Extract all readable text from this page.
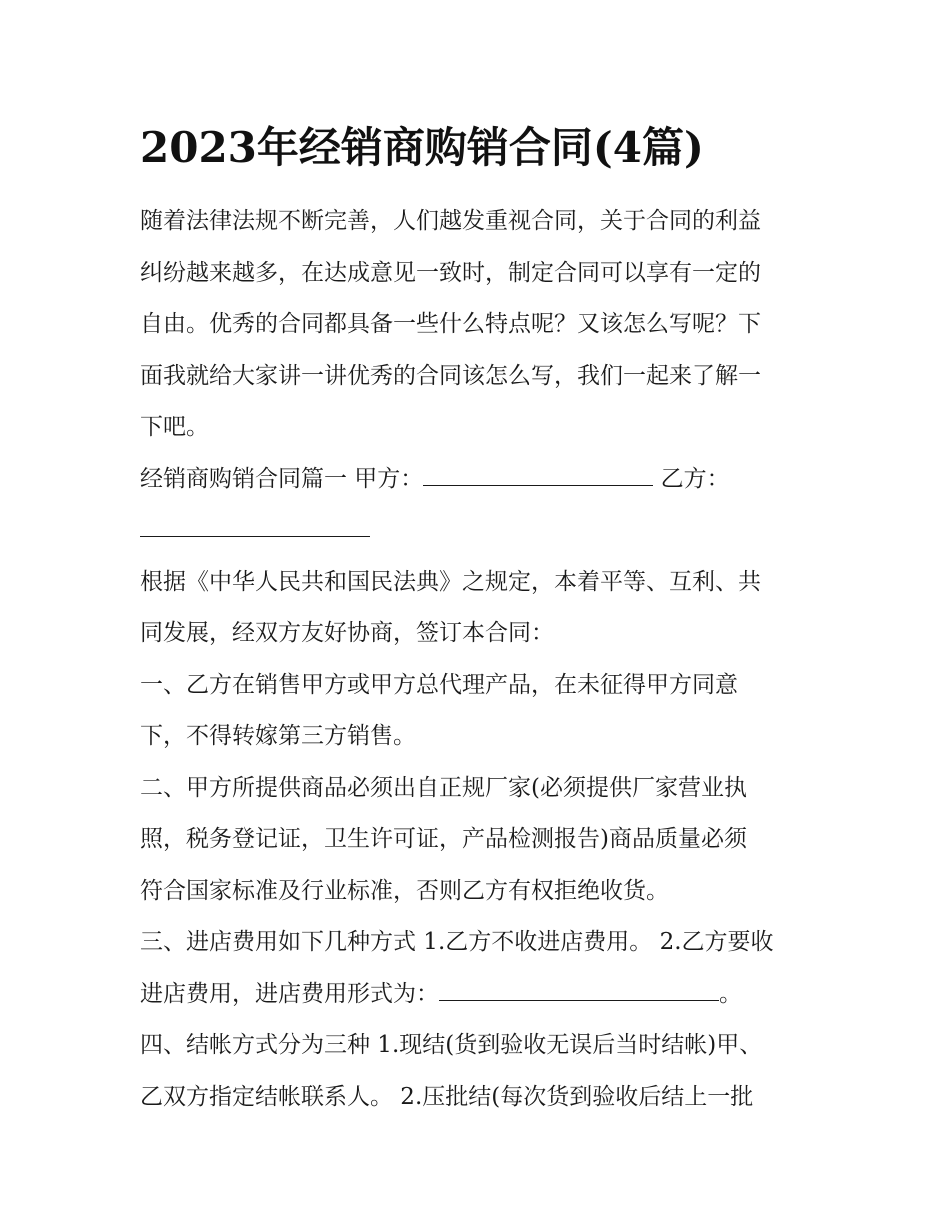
2023年经销商购销合同(4篇)
随着法律法规不断完善，人们越发重视合同，关于合同的利益
纠纷越来越多，在达成意见一致时，制定合同可以享有一定的
自由。优秀的合同都具备一些什么特点呢？又该怎么写呢？下
面我就给大家讲一讲优秀的合同该怎么写，我们一起来了解一
下吧。
经销商购销合同篇一 甲方：	乙方：
根据《中华人民共和国民法典》之规定，本着平等、互利、共
同发展，经双方友好协商，签订本合同：
一、乙方在销售甲方或甲方总代理产品，在未征得甲方同意
下，不得转嫁第三方销售。
二、甲方所提供商品必须出自正规厂家(必须提供厂家营业执
照，税务登记证，卫生许可证，产品检测报告)商品质量必须
符合国家标准及行业标准，否则乙方有权拒绝收货。
三、进店费用如下几种方式 1.乙方不收进店费用。 2.乙方要收
进店费用，进店费用形式为：	。
四、结帐方式分为三种 1.现结(货到验收无误后当时结帐)甲、
乙双方指定结帐联系人。 2.压批结(每次货到验收后结上一批
